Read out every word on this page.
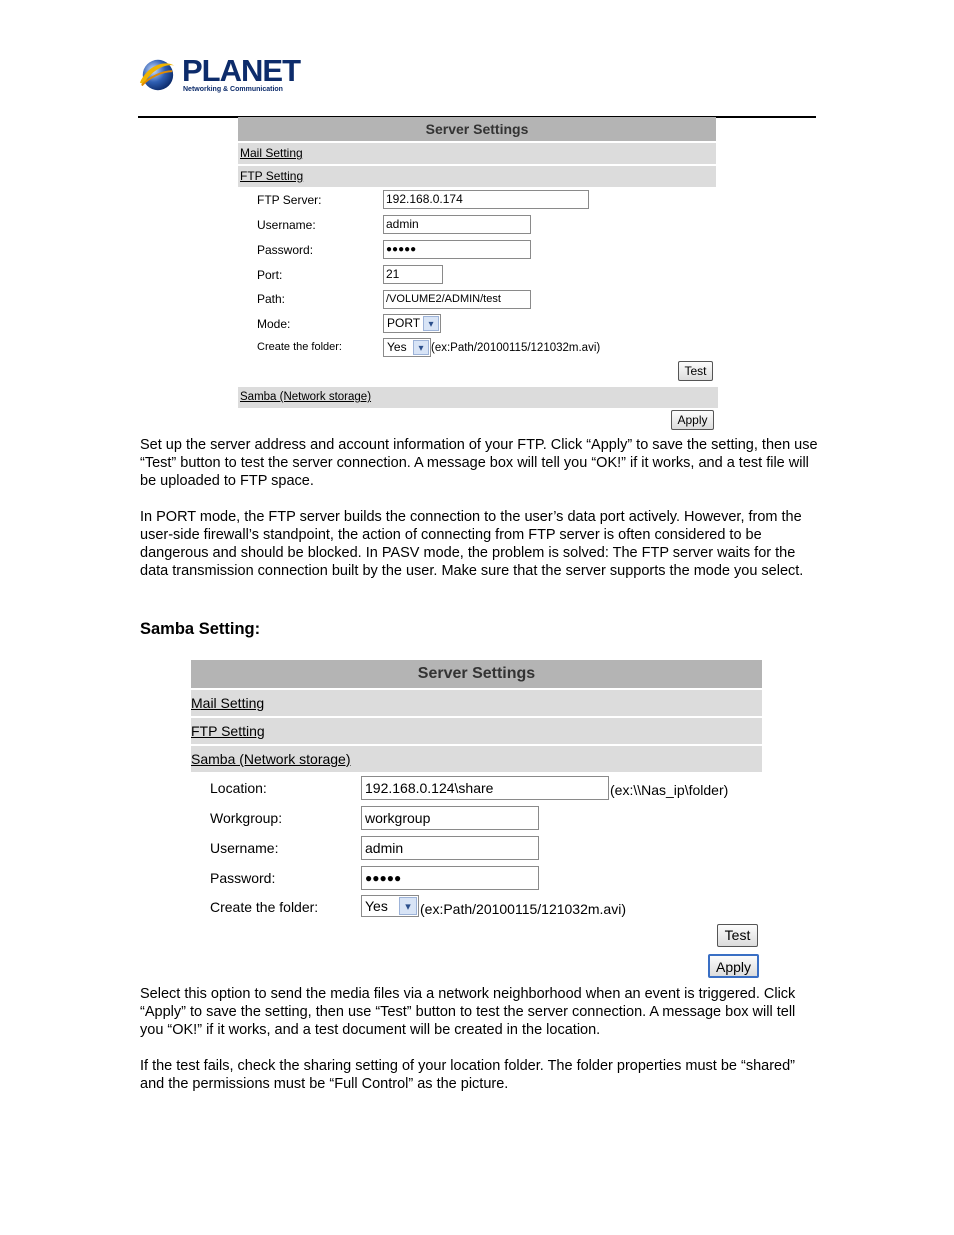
PLANET
Networking & Communication
Server Settings
Mail Setting
FTP Setting
FTP Server:	192.168.0.174
Username:	admin
Password:	●●●●●
Port:	21
Path:	/VOLUME2/ADMIN/test
Mode:	PORT ▾
Create the folder:	Yes	▾ (ex:Path/20100115/121032m.avi)
Test
Samba (Network storage)
Apply
Set up the server address and account information of your FTP. Click “Apply” to save the setting, then use “Test” button to test the server connection. A message box will tell you “OK!” if it works, and a test file will be uploaded to FTP space.
In PORT mode, the FTP server builds the connection to the user’s data port actively. However, from the user-side firewall’s standpoint, the action of connecting from FTP server is often considered to be dangerous and should be blocked. In PASV mode, the problem is solved: The FTP server waits for the data transmission connection built by the user. Make sure that the server supports the mode you select.
Samba Setting:
Server Settings
Mail Setting
FTP Setting
Samba (Network storage)
Location:	192.168.0.124\share	(ex:\\Nas_ip\folder)
Workgroup:	workgroup
Username:	admin
Password:	●●●●●
Create the folder:	Yes	▾ (ex:Path/20100115/121032m.avi)
Test
Apply
Select this option to send the media files via a network neighborhood when an event is triggered. Click “Apply” to save the setting, then use “Test” button to test the server connection. A message box will tell you “OK!” if it works, and a test document will be created in the location.
If the test fails, check the sharing setting of your location folder. The folder properties must be “shared” and the permissions must be “Full Control” as the picture.
